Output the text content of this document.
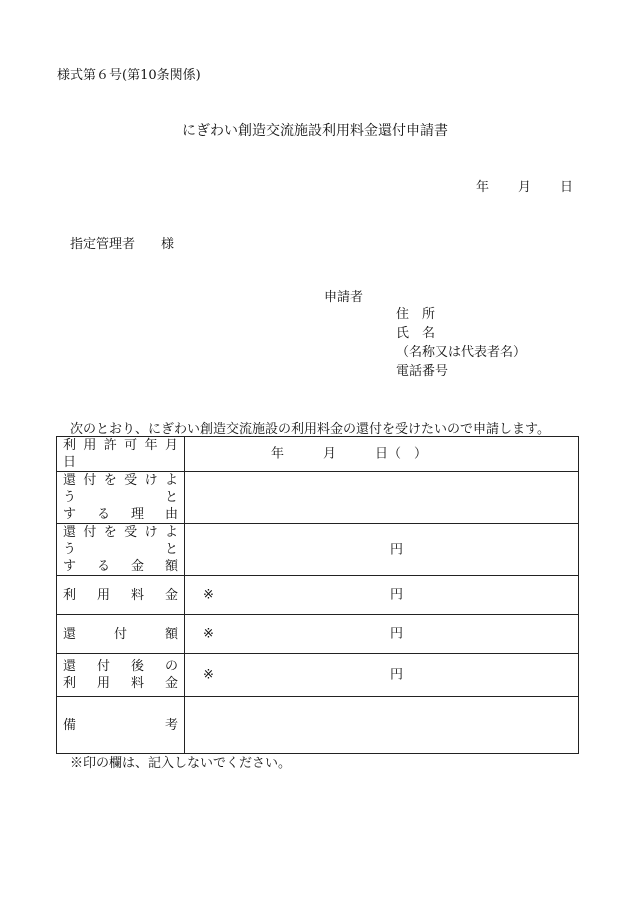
様式第６号(第10条関係)
にぎわい創造交流施設利用料金還付申請書
年 月 日
指定管理者　　様
申請者
住　所
氏　名
（名称又は代表者名）
電話番号
次のとおり、にぎわい創造交流施設の利用料金の還付を受けたいので申請します。
利 用 許 可 年 月 日	年　　　月　　　日（　）

還 付 を 受 け よ う と
す る 理 由	

還 付 を 受 け よ う と
す る 金 額	円

利 用 料 金	※ 円

還 付 額	※ 円

還 付 後 の
利 用 料 金	※ 円

備 考	

※印の欄は、記入しないでください。
